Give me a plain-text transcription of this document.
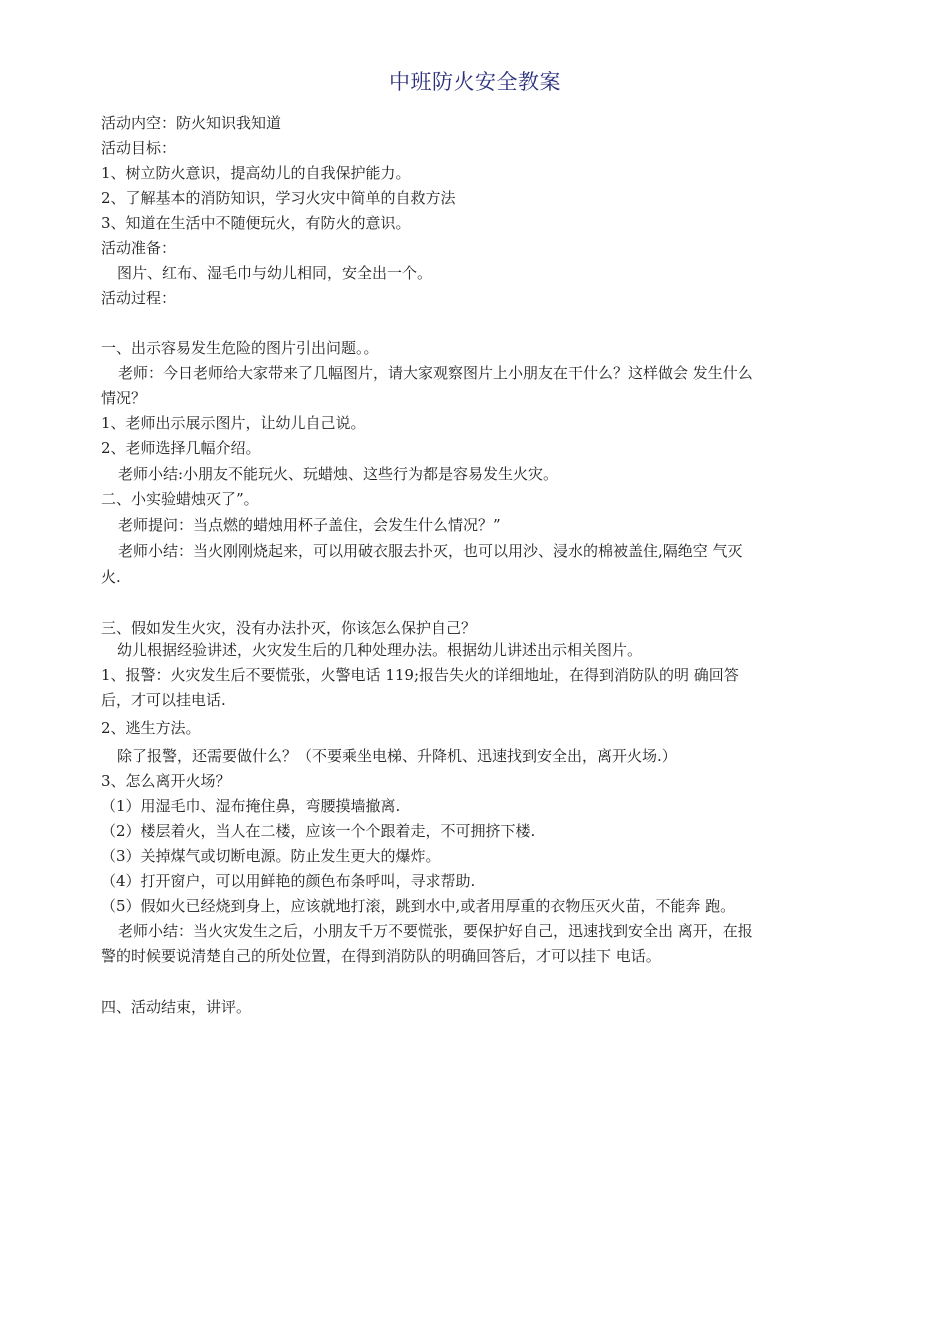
中班防火安全教案
活动内空：防火知识我知道
活动目标：
1、树立防火意识，提高幼儿的自我保护能力。
2、了解基本的消防知识，学习火灾中简单的自救方法
3、知道在生活中不随便玩火，有防火的意识。
活动准备：
图片、红布、湿毛巾与幼儿相同，安全出一个。
活动过程：
一、出示容易发生危险的图片引出问题。。
老师：今日老师给大家带来了几幅图片，请大家观察图片上小朋友在干什么？这样做会 发生什么
情况？
1、老师出示展示图片，让幼儿自己说。
2、老师选择几幅介绍。
老师小结:小朋友不能玩火、玩蜡烛、这些行为都是容易发生火灾。
二、小实验蜡烛灭了”。
老师提问：当点燃的蜡烛用杯子盖住，会发生什么情况？”
老师小结：当火刚刚烧起来，可以用破衣服去扑灭，也可以用沙、浸水的棉被盖住,隔绝空 气灭
火.
三、假如发生火灾，没有办法扑灭，你该怎么保护自己？
幼儿根据经验讲述，火灾发生后的几种处理办法。根据幼儿讲述出示相关图片。
1、报警：火灾发生后不要慌张，火警电话 119;报告失火的详细地址，在得到消防队的明 确回答
后，才可以挂电话.
2、逃生方法。
除了报警，还需要做什么？（不要乘坐电梯、升降机、迅速找到安全出，离开火场.）
3、怎么离开火场？
（1）用湿毛巾、湿布掩住鼻，弯腰摸墙撤离.
（2）楼层着火，当人在二楼，应该一个个跟着走，不可拥挤下楼.
（3）关掉煤气或切断电源。防止发生更大的爆炸。
（4）打开窗户，可以用鲜艳的颜色布条呼叫，寻求帮助.
（5）假如火已经烧到身上，应该就地打滚，跳到水中,或者用厚重的衣物压灭火苗，不能奔 跑。
老师小结：当火灾发生之后，小朋友千万不要慌张，要保护好自己，迅速找到安全出 离开，在报
警的时候要说清楚自己的所处位置，在得到消防队的明确回答后，才可以挂下 电话。
四、活动结束，讲评。
